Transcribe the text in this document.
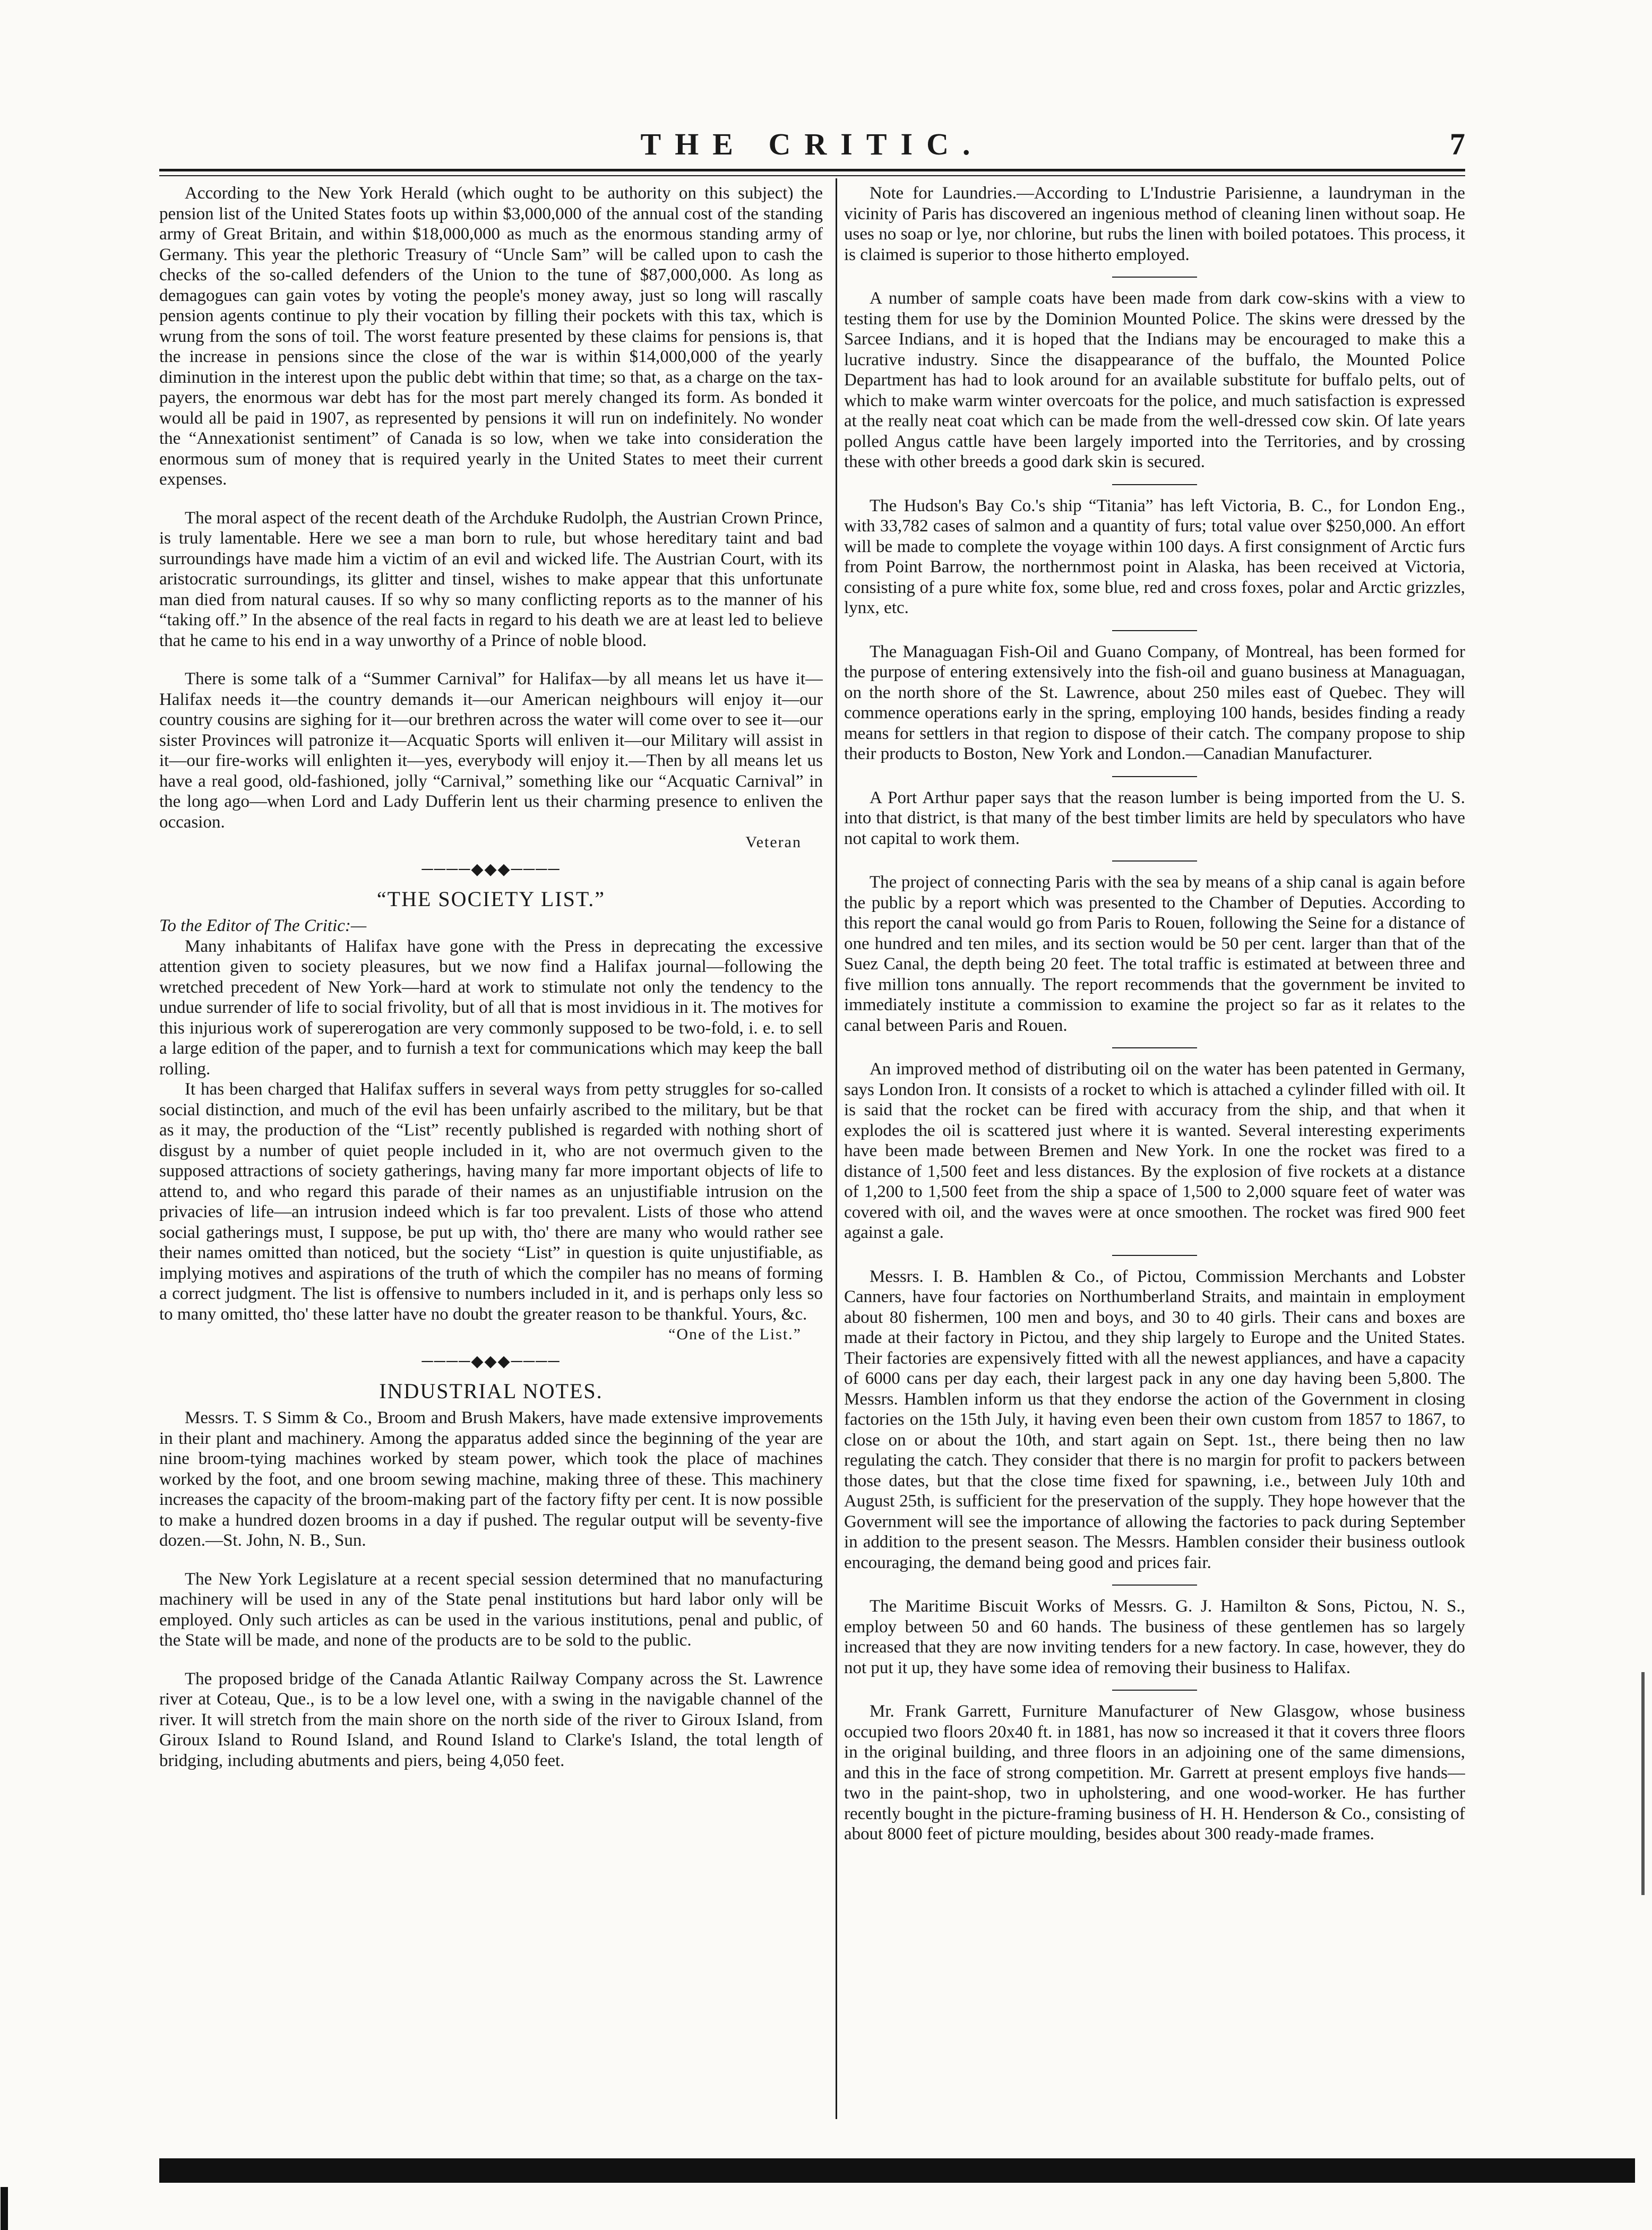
THE CRITIC.	7

According to the New York Herald (which ought to be authority on this subject) the pension list of the United States foots up within $3,000,000 of the annual cost of the standing army of Great Britain, and within $18,000,000 as much as the enormous standing army of Germany. This year the plethoric Treasury of “Uncle Sam” will be called upon to cash the checks of the so-called defenders of the Union to the tune of $87,000,000. As long as demagogues can gain votes by voting the people's money away, just so long will rascally pension agents continue to ply their vocation by filling their pockets with this tax, which is wrung from the sons of toil. The worst feature presented by these claims for pensions is, that the increase in pensions since the close of the war is within $14,000,000 of the yearly diminution in the interest upon the public debt within that time; so that, as a charge on the tax-payers, the enormous war debt has for the most part merely changed its form. As bonded it would all be paid in 1907, as represented by pensions it will run on indefinitely. No wonder the “Annexationist sentiment” of Canada is so low, when we take into consideration the enormous sum of money that is required yearly in the United States to meet their current expenses.

The moral aspect of the recent death of the Archduke Rudolph, the Austrian Crown Prince, is truly lamentable. Here we see a man born to rule, but whose hereditary taint and bad surroundings have made him a victim of an evil and wicked life. The Austrian Court, with its aristocratic surroundings, its glitter and tinsel, wishes to make appear that this unfortunate man died from natural causes. If so why so many conflicting reports as to the manner of his “taking off.” In the absence of the real facts in regard to his death we are at least led to believe that he came to his end in a way unworthy of a Prince of noble blood.

There is some talk of a “Summer Carnival” for Halifax—by all means let us have it—Halifax needs it—the country demands it—our American neighbours will enjoy it—our country cousins are sighing for it—our brethren across the water will come over to see it—our sister Provinces will patronize it—Acquatic Sports will enliven it—our Military will assist in it—our fire-works will enlighten it—yes, everybody will enjoy it.—Then by all means let us have a real good, old-fashioned, jolly “Carnival,” something like our “Acquatic Carnival” in the long ago—when Lord and Lady Dufferin lent us their charming presence to enliven the occasion.

Veteran
────◆◆◆────
“THE SOCIETY LIST.”

To the Editor of The Critic:—

Many inhabitants of Halifax have gone with the Press in deprecating the excessive attention given to society pleasures, but we now find a Halifax journal—following the wretched precedent of New York—hard at work to stimulate not only the tendency to the undue surrender of life to social frivolity, but of all that is most invidious in it. The motives for this injurious work of supererogation are very commonly supposed to be two-fold, i. e. to sell a large edition of the paper, and to furnish a text for communications which may keep the ball rolling.

It has been charged that Halifax suffers in several ways from petty struggles for so-called social distinction, and much of the evil has been unfairly ascribed to the military, but be that as it may, the production of the “List” recently published is regarded with nothing short of disgust by a number of quiet people included in it, who are not overmuch given to the supposed attractions of society gatherings, having many far more important objects of life to attend to, and who regard this parade of their names as an unjustifiable intrusion on the privacies of life—an intrusion indeed which is far too prevalent. Lists of those who attend social gatherings must, I suppose, be put up with, tho' there are many who would rather see their names omitted than noticed, but the society “List” in question is quite unjustifiable, as implying motives and aspirations of the truth of which the compiler has no means of forming a correct judgment. The list is offensive to numbers included in it, and is perhaps only less so to many omitted, tho' these latter have no doubt the greater reason to be thankful. Yours, &c.

“One of the List.”
────◆◆◆────
INDUSTRIAL NOTES.

Messrs. T. S Simm & Co., Broom and Brush Makers, have made extensive improvements in their plant and machinery. Among the apparatus added since the beginning of the year are nine broom-tying machines worked by steam power, which took the place of machines worked by the foot, and one broom sewing machine, making three of these. This machinery increases the capacity of the broom-making part of the factory fifty per cent. It is now possible to make a hundred dozen brooms in a day if pushed. The regular output will be seventy-five dozen.—St. John, N. B., Sun.

The New York Legislature at a recent special session determined that no manufacturing machinery will be used in any of the State penal institutions but hard labor only will be employed. Only such articles as can be used in the various institutions, penal and public, of the State will be made, and none of the products are to be sold to the public.

The proposed bridge of the Canada Atlantic Railway Company across the St. Lawrence river at Coteau, Que., is to be a low level one, with a swing in the navigable channel of the river. It will stretch from the main shore on the north side of the river to Giroux Island, from Giroux Island to Round Island, and Round Island to Clarke's Island, the total length of bridging, including abutments and piers, being 4,050 feet.

Note for Laundries.—According to L'Industrie Parisienne, a laundryman in the vicinity of Paris has discovered an ingenious method of cleaning linen without soap. He uses no soap or lye, nor chlorine, but rubs the linen with boiled potatoes. This process, it is claimed is superior to those hitherto employed.

A number of sample coats have been made from dark cow-skins with a view to testing them for use by the Dominion Mounted Police. The skins were dressed by the Sarcee Indians, and it is hoped that the Indians may be encouraged to make this a lucrative industry. Since the disappearance of the buffalo, the Mounted Police Department has had to look around for an available substitute for buffalo pelts, out of which to make warm winter overcoats for the police, and much satisfaction is expressed at the really neat coat which can be made from the well-dressed cow skin. Of late years polled Angus cattle have been largely imported into the Territories, and by crossing these with other breeds a good dark skin is secured.

The Hudson's Bay Co.'s ship “Titania” has left Victoria, B. C., for London Eng., with 33,782 cases of salmon and a quantity of furs; total value over $250,000. An effort will be made to complete the voyage within 100 days. A first consignment of Arctic furs from Point Barrow, the northernmost point in Alaska, has been received at Victoria, consisting of a pure white fox, some blue, red and cross foxes, polar and Arctic grizzles, lynx, etc.

The Managuagan Fish-Oil and Guano Company, of Montreal, has been formed for the purpose of entering extensively into the fish-oil and guano business at Managuagan, on the north shore of the St. Lawrence, about 250 miles east of Quebec. They will commence operations early in the spring, employing 100 hands, besides finding a ready means for settlers in that region to dispose of their catch. The company propose to ship their products to Boston, New York and London.—Canadian Manufacturer.

A Port Arthur paper says that the reason lumber is being imported from the U. S. into that district, is that many of the best timber limits are held by speculators who have not capital to work them.

The project of connecting Paris with the sea by means of a ship canal is again before the public by a report which was presented to the Chamber of Deputies. According to this report the canal would go from Paris to Rouen, following the Seine for a distance of one hundred and ten miles, and its section would be 50 per cent. larger than that of the Suez Canal, the depth being 20 feet. The total traffic is estimated at between three and five million tons annually. The report recommends that the government be invited to immediately institute a commission to examine the project so far as it relates to the canal between Paris and Rouen.

An improved method of distributing oil on the water has been patented in Germany, says London Iron. It consists of a rocket to which is attached a cylinder filled with oil. It is said that the rocket can be fired with accuracy from the ship, and that when it explodes the oil is scattered just where it is wanted. Several interesting experiments have been made between Bremen and New York. In one the rocket was fired to a distance of 1,500 feet and less distances. By the explosion of five rockets at a distance of 1,200 to 1,500 feet from the ship a space of 1,500 to 2,000 square feet of water was covered with oil, and the waves were at once smoothen. The rocket was fired 900 feet against a gale.

Messrs. I. B. Hamblen & Co., of Pictou, Commission Merchants and Lobster Canners, have four factories on Northumberland Straits, and maintain in employment about 80 fishermen, 100 men and boys, and 30 to 40 girls. Their cans and boxes are made at their factory in Pictou, and they ship largely to Europe and the United States. Their factories are expensively fitted with all the newest appliances, and have a capacity of 6000 cans per day each, their largest pack in any one day having been 5,800. The Messrs. Hamblen inform us that they endorse the action of the Government in closing factories on the 15th July, it having even been their own custom from 1857 to 1867, to close on or about the 10th, and start again on Sept. 1st., there being then no law regulating the catch. They consider that there is no margin for profit to packers between those dates, but that the close time fixed for spawning, i.e., between July 10th and August 25th, is sufficient for the preservation of the supply. They hope however that the Government will see the importance of allowing the factories to pack during September in addition to the present season. The Messrs. Hamblen consider their business outlook encouraging, the demand being good and prices fair.

The Maritime Biscuit Works of Messrs. G. J. Hamilton & Sons, Pictou, N. S., employ between 50 and 60 hands. The business of these gentlemen has so largely increased that they are now inviting tenders for a new factory. In case, however, they do not put it up, they have some idea of removing their business to Halifax.

Mr. Frank Garrett, Furniture Manufacturer of New Glasgow, whose business occupied two floors 20x40 ft. in 1881, has now so increased it that it covers three floors in the original building, and three floors in an adjoining one of the same dimensions, and this in the face of strong competition. Mr. Garrett at present employs five hands—two in the paint-shop, two in upholstering, and one wood-worker. He has further recently bought in the picture-framing business of H. H. Henderson & Co., consisting of about 8000 feet of picture moulding, besides about 300 ready-made frames.
